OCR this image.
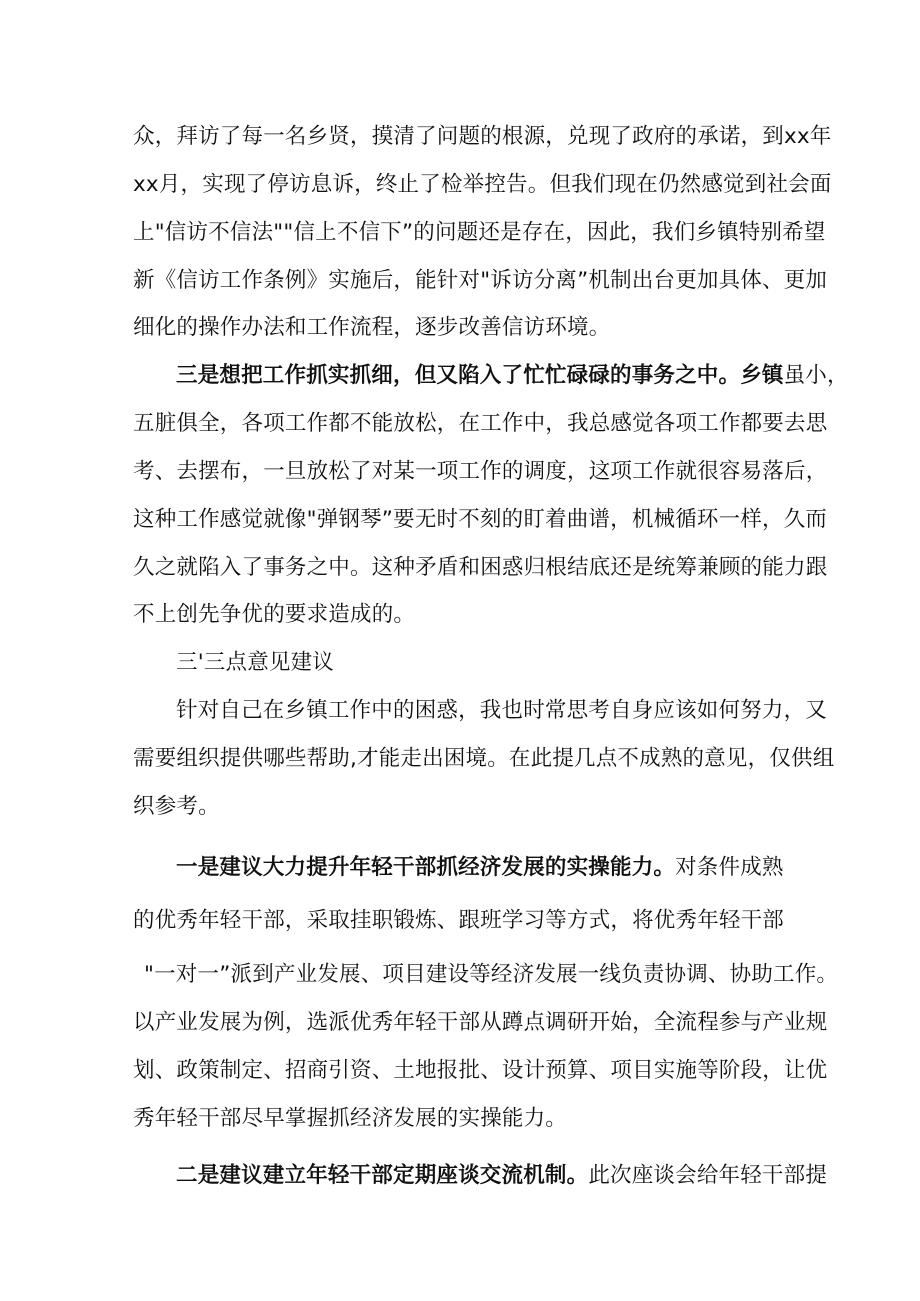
众，拜访了每一名乡贤，摸清了问题的根源，兑现了政府的承诺，到xx年
xx月，实现了停访息诉，终止了检举控告。但我们现在仍然感觉到社会面
上"信访不信法""信上不信下”的问题还是存在，因此，我们乡镇特别希望
新《信访工作条例》实施后，能针对"诉访分离”机制出台更加具体、更加
细化的操作办法和工作流程，逐步改善信访环境。
三是想把工作抓实抓细，但又陷入了忙忙碌碌的事务之中。乡镇虽小，
五脏俱全，各项工作都不能放松，在工作中，我总感觉各项工作都要去思
考、去摆布，一旦放松了对某一项工作的调度，这项工作就很容易落后，
这种工作感觉就像"弹钢琴”要无时不刻的盯着曲谱，机械循环一样，久而
久之就陷入了事务之中。这种矛盾和困惑归根结底还是统筹兼顾的能力跟
不上创先争优的要求造成的。
三'三点意见建议
针对自己在乡镇工作中的困惑，我也时常思考自身应该如何努力，又
需要组织提供哪些帮助,才能走出困境。在此提几点不成熟的意见，仅供组
织参考。
一是建议大力提升年轻干部抓经济发展的实操能力。对条件成熟
的优秀年轻干部，采取挂职锻炼、跟班学习等方式，将优秀年轻干部
"一对一”派到产业发展、项目建设等经济发展一线负责协调、协助工作。
以产业发展为例，选派优秀年轻干部从蹲点调研开始，全流程参与产业规
划、政策制定、招商引资、土地报批、设计预算、项目实施等阶段，让优
秀年轻干部尽早掌握抓经济发展的实操能力。
二是建议建立年轻干部定期座谈交流机制。此次座谈会给年轻干部提
